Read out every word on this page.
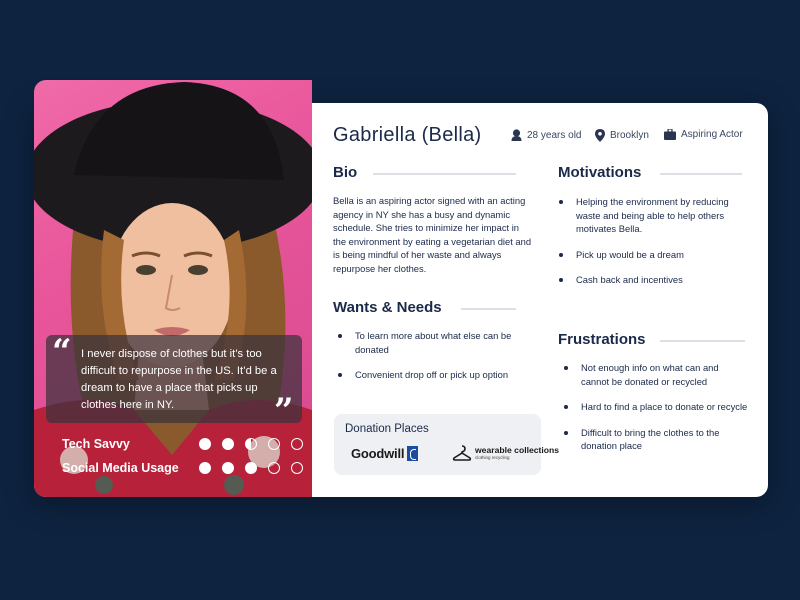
“ I never dispose of clothes but it’s too difficult to repurpose in the US. It’d be a dream to have a place that picks up clothes here in NY.	”
Tech Savvy
Social Media Usage
Gabriella (Bella)	28 years old	Brooklyn	Aspiring Actor
Bio
Bella is an aspiring actor signed with an acting agency in NY she has a busy and dynamic schedule. She tries to minimize her impact in the environment by eating a vegetarian diet and is being mindful of her waste and always repurpose her clothes.
Wants & Needs
To learn more about what else can be donated
Convenient drop off or pick up option
Donation Places
Goodwill	wearable collections
clothing recycling
Motivations
Helping the environment by reducing waste and being able to help others motivates Bella.
Pick up would be a dream
Cash back and incentives
Frustrations
Not enough info on what can and cannot be donated or recycled
Hard to find a place to donate or recycle
Difficult to bring the clothes to the donation place
